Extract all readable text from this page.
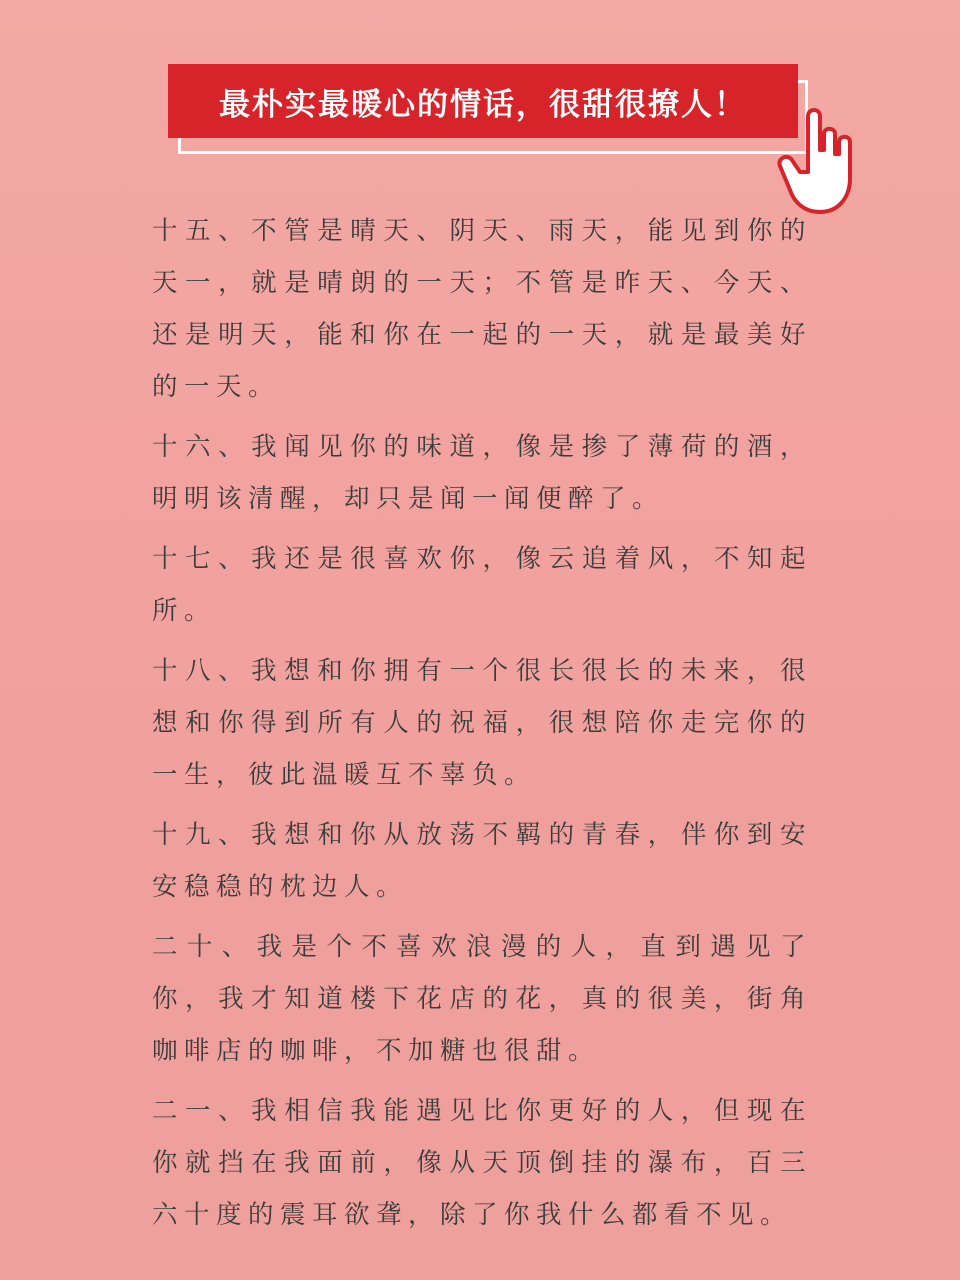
最朴实最暖心的情话，很甜很撩人！

十五、不管是晴天、阴天、雨天，能见到你的天一，就是晴朗的一天；不管是昨天、今天、还是明天，能和你在一起的一天，就是最美好的一天。

十六、我闻见你的味道，像是掺了薄荷的酒，明明该清醒，却只是闻一闻便醉了。

十七、我还是很喜欢你，像云追着风，不知起所。

十八、我想和你拥有一个很长很长的未来，很想和你得到所有人的祝福，很想陪你走完你的一生，彼此温暖互不辜负。

十九、我想和你从放荡不羁的青春，伴你到安安稳稳的枕边人。

二十、我是个不喜欢浪漫的人，直到遇见了你，我才知道楼下花店的花，真的很美，街角咖啡店的咖啡，不加糖也很甜。

二一、我相信我能遇见比你更好的人，但现在你就挡在我面前，像从天顶倒挂的瀑布，百三六十度的震耳欲聋，除了你我什么都看不见。
